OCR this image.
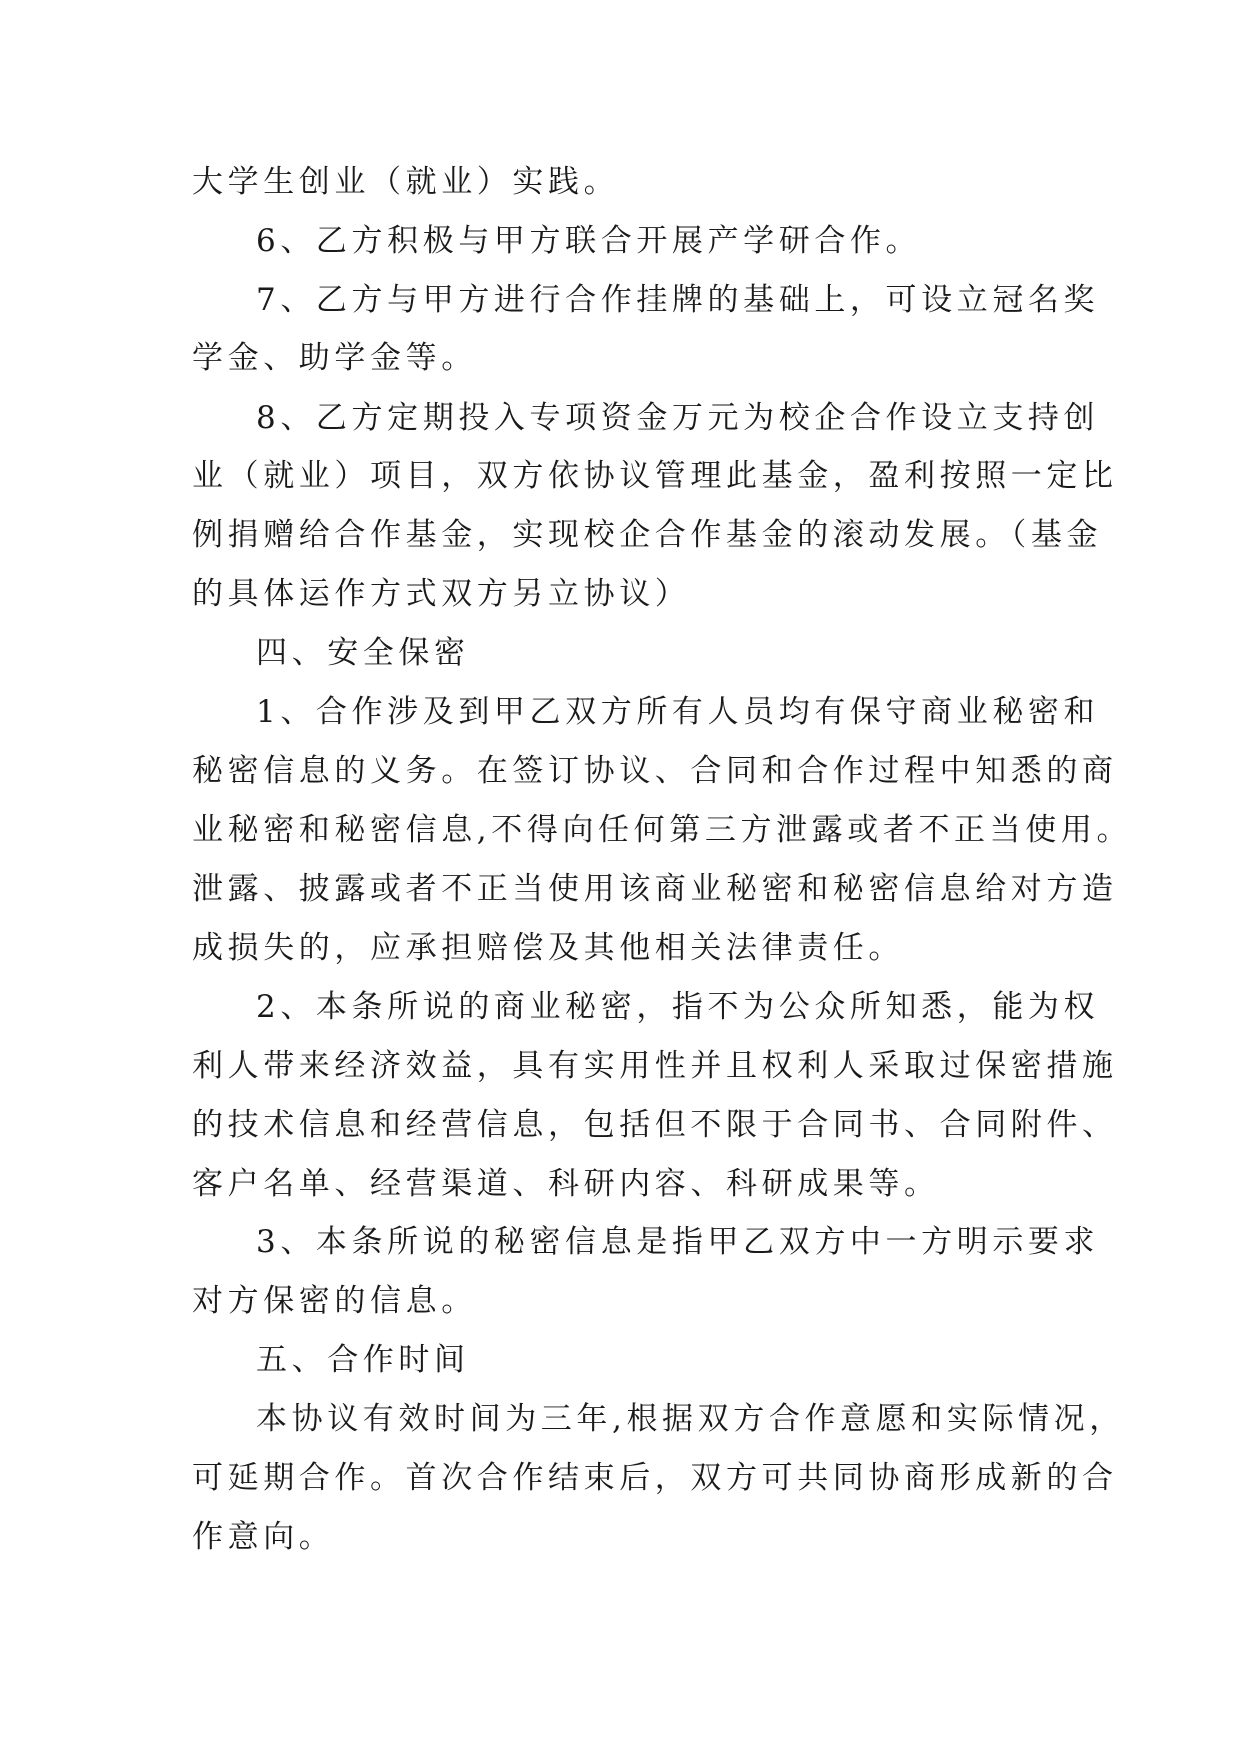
大学生创业（就业）实践。
6、乙方积极与甲方联合开展产学研合作。
7、乙方与甲方进行合作挂牌的基础上，可设立冠名奖
学金、助学金等。
8、乙方定期投入专项资金万元为校企合作设立支持创
业（就业）项目，双方依协议管理此基金，盈利按照一定比
例捐赠给合作基金，实现校企合作基金的滚动发展。（基金
的具体运作方式双方另立协议）
四、安全保密
1、合作涉及到甲乙双方所有人员均有保守商业秘密和
秘密信息的义务。在签订协议、合同和合作过程中知悉的商
业秘密和秘密信息,不得向任何第三方泄露或者不正当使用。
泄露、披露或者不正当使用该商业秘密和秘密信息给对方造
成损失的，应承担赔偿及其他相关法律责任。
2、本条所说的商业秘密，指不为公众所知悉，能为权
利人带来经济效益，具有实用性并且权利人采取过保密措施
的技术信息和经营信息，包括但不限于合同书、合同附件、
客户名单、经营渠道、科研内容、科研成果等。
3、本条所说的秘密信息是指甲乙双方中一方明示要求
对方保密的信息。
五、合作时间
本协议有效时间为三年,根据双方合作意愿和实际情况，
可延期合作。首次合作结束后，双方可共同协商形成新的合
作意向。
